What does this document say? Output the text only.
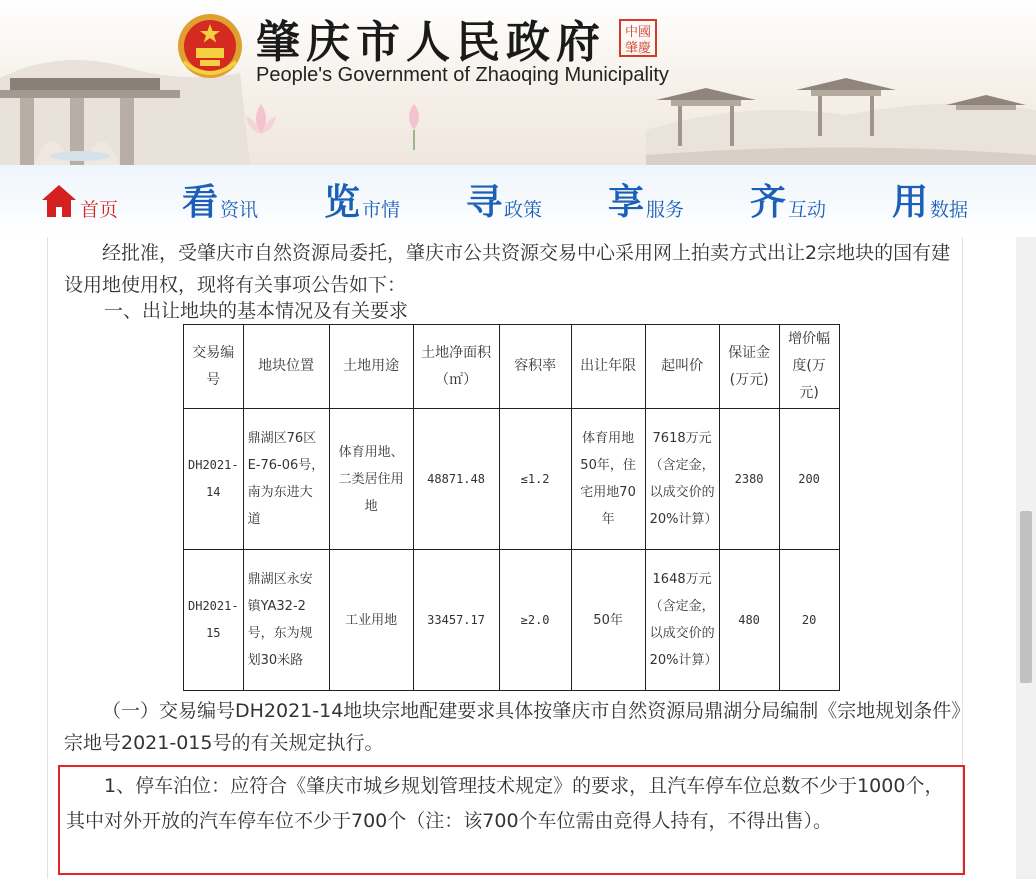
肇庆市人民政府
People's Government of Zhaoqing Municipality
中國
肇慶
首页 看 资讯 览 市情 寻 政策 享 服务 齐 互动 用 数据
经批准，受肇庆市自然资源局委托，肇庆市公共资源交易中心采用网上拍卖方式出让2宗地块的国有建设用地使用权，现将有关事项公告如下：
一、出让地块的基本情况及有关要求
交易编号	地块位置	土地用途	土地净面积（㎡）	容积率	出让年限	起叫价	保证金(万元)	增价幅度(万元)
DH2021-14	鼎湖区76区E-76-06号，南为东进大道	体育用地、二类居住用地	48871.48	≤1.2	体育用地50年，住宅用地70年	7618万元（含定金，以成交价的20%计算）	2380	200
DH2021-15	鼎湖区永安镇YA32-2号，东为规划30米路	工业用地	33457.17	≥2.0	50年	1648万元（含定金，以成交价的20%计算）	480	20
（一）交易编号DH2021-14地块宗地配建要求具体按肇庆市自然资源局鼎湖分局编制《宗地规划条件》宗地号2021-015号的有关规定执行。
1、停车泊位：应符合《肇庆市城乡规划管理技术规定》的要求，且汽车停车位总数不少于1000个，其中对外开放的汽车停车位不少于700个（注：该700个车位需由竞得人持有，不得出售）。
